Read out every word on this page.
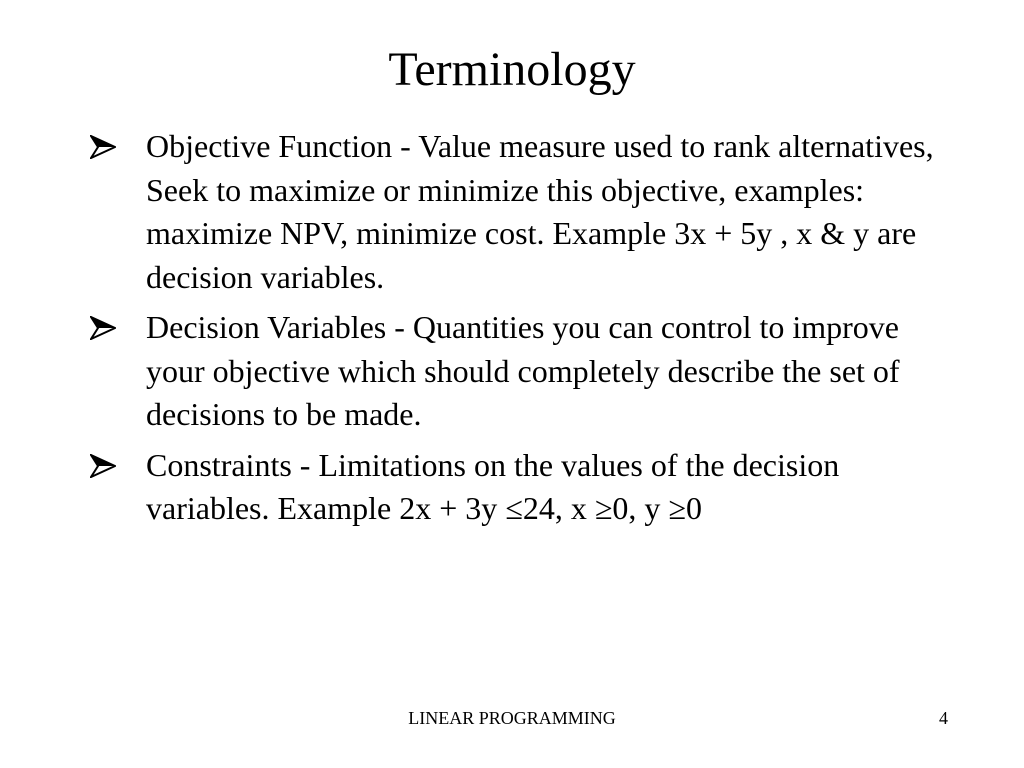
Terminology
Objective Function - Value measure used to rank alternatives, Seek to maximize or minimize this objective, examples: maximize NPV, minimize cost. Example 3x + 5y , x & y are decision variables.
Decision Variables - Quantities you can control to improve your objective which should completely describe the set of decisions to be made.
Constraints - Limitations on the values of the decision variables. Example 2x + 3y ≤24, x ≥0, y ≥0
LINEAR PROGRAMMING	4
